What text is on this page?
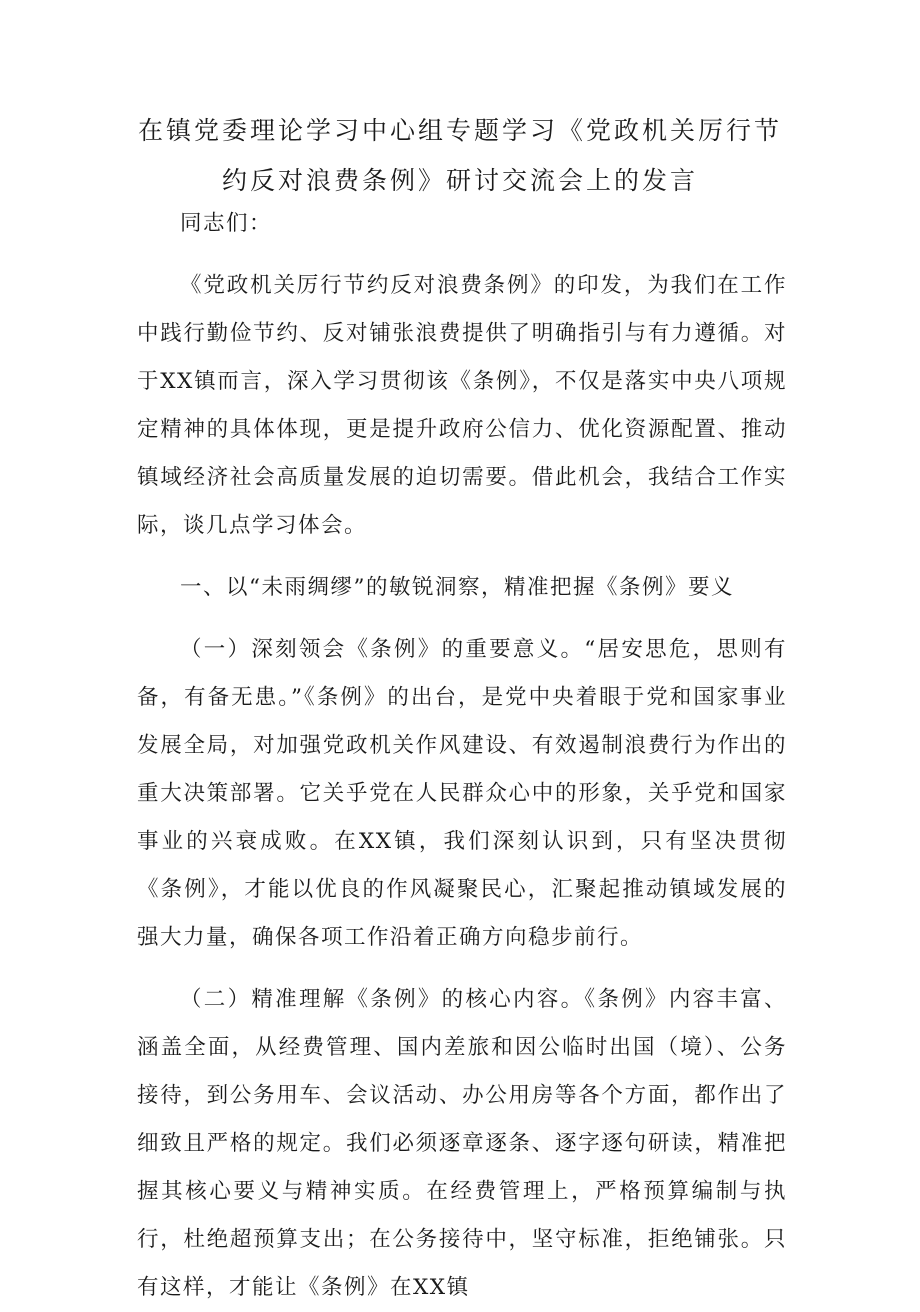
在镇党委理论学习中心组专题学习《党政机关厉行节约反对浪费条例》研讨交流会上的发言

同志们：

《党政机关厉行节约反对浪费条例》的印发，为我们在工作中践行勤俭节约、反对铺张浪费提供了明确指引与有力遵循。对于XX镇而言，深入学习贯彻该《条例》，不仅是落实中央八项规定精神的具体体现，更是提升政府公信力、优化资源配置、推动镇域经济社会高质量发展的迫切需要。借此机会，我结合工作实际，谈几点学习体会。

一、以“未雨绸缪”的敏锐洞察，精准把握《条例》要义

（一）深刻领会《条例》的重要意义。“居安思危，思则有备，有备无患。”《条例》的出台，是党中央着眼于党和国家事业发展全局，对加强党政机关作风建设、有效遏制浪费行为作出的重大决策部署。它关乎党在人民群众心中的形象，关乎党和国家事业的兴衰成败。在XX镇，我们深刻认识到，只有坚决贯彻《条例》，才能以优良的作风凝聚民心，汇聚起推动镇域发展的强大力量，确保各项工作沿着正确方向稳步前行。

（二）精准理解《条例》的核心内容。《条例》内容丰富、涵盖全面，从经费管理、国内差旅和因公临时出国（境）、公务接待，到公务用车、会议活动、办公用房等各个方面，都作出了细致且严格的规定。我们必须逐章逐条、逐字逐句研读，精准把握其核心要义与精神实质。在经费管理上，严格预算编制与执行，杜绝超预算支出；在公务接待中，坚守标准，拒绝铺张。只有这样，才能让《条例》在XX镇
